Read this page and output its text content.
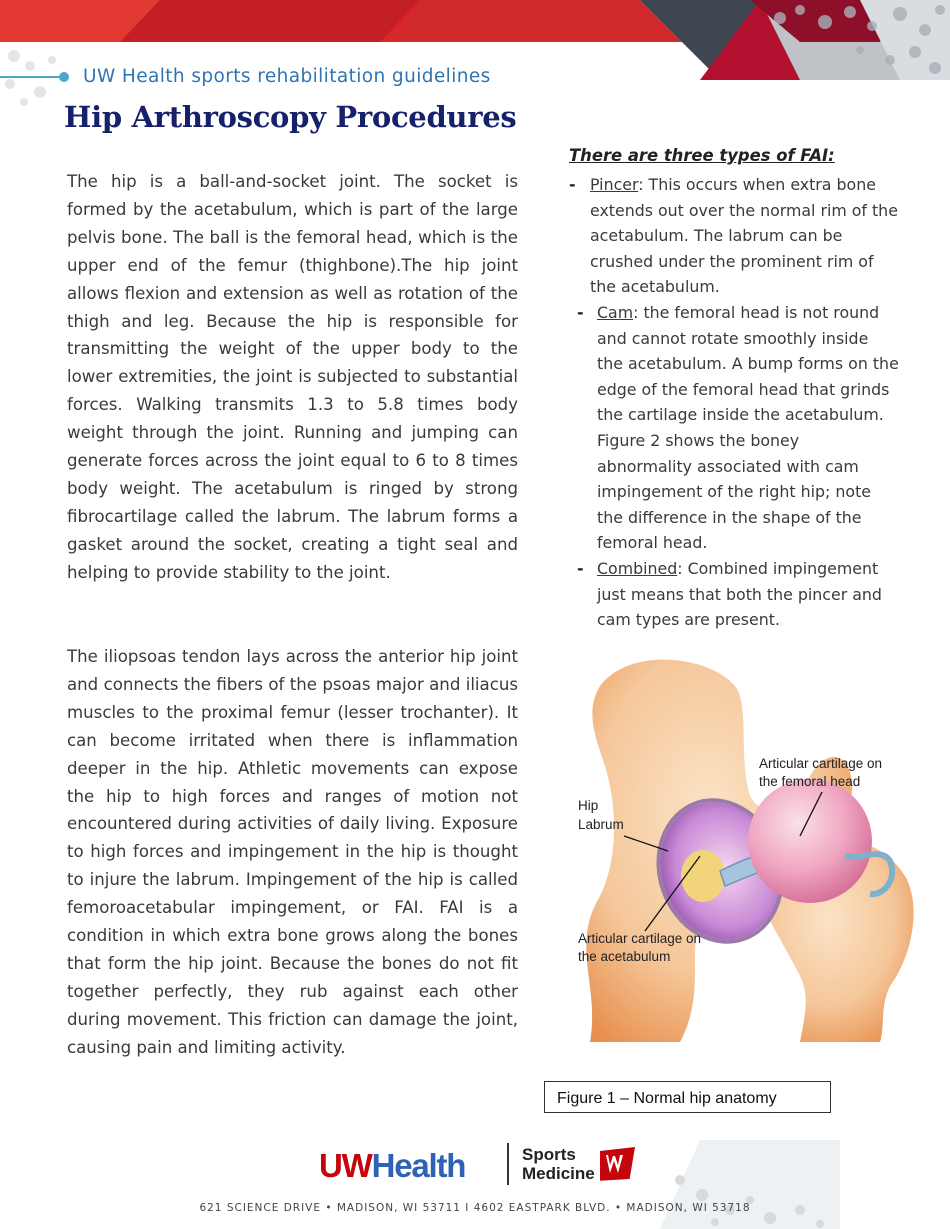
UW Health sports rehabilitation guidelines
Hip Arthroscopy Procedures

The hip is a ball-and-socket joint. The socket is formed by the acetabulum, which is part of the large pelvis bone. The ball is the femoral head, which is the upper end of the femur (thighbone).The hip joint allows flexion and extension as well as rotation of the thigh and leg. Because the hip is responsible for transmitting the weight of the upper body to the lower extremities, the joint is subjected to substantial forces. Walking transmits 1.3 to 5.8 times body weight through the joint. Running and jumping can generate forces across the joint equal to 6 to 8 times body weight. The acetabulum is ringed by strong fibrocartilage called the labrum. The labrum forms a gasket around the socket, creating a tight seal and helping to provide stability to the joint.

The iliopsoas tendon lays across the anterior hip joint and connects the fibers of the psoas major and iliacus muscles to the proximal femur (lesser trochanter). It can become irritated when there is inflammation deeper in the hip. Athletic movements can expose the hip to high forces and ranges of motion not encountered during activities of daily living. Exposure to high forces and impingement in the hip is thought to injure the labrum. Impingement of the hip is called femoroacetabular impingement, or FAI. FAI is a condition in which extra bone grows along the bones that form the hip joint. Because the bones do not fit together perfectly, they rub against each other during movement. This friction can damage the joint, causing pain and limiting activity.

There are three types of FAI:
- Pincer: This occurs when extra bone extends out over the normal rim of the acetabulum. The labrum can be crushed under the prominent rim of the acetabulum.
- Cam: the femoral head is not round and cannot rotate smoothly inside the acetabulum. A bump forms on the edge of the femoral head that grinds the cartilage inside the acetabulum. Figure 2 shows the boney abnormality associated with cam impingement of the right hip; note the difference in the shape of the femoral head.
- Combined: Combined impingement just means that both the pincer and cam types are present.
Articular cartilage on
the femoral head
Hip
Labrum
Articular cartilage on
the acetabulum
Figure 1 – Normal hip anatomy
UWHealth	Sports
Medicine
621 SCIENCE DRIVE • MADISON, WI 53711 I 4602 EASTPARK BLVD. • MADISON, WI 53718
